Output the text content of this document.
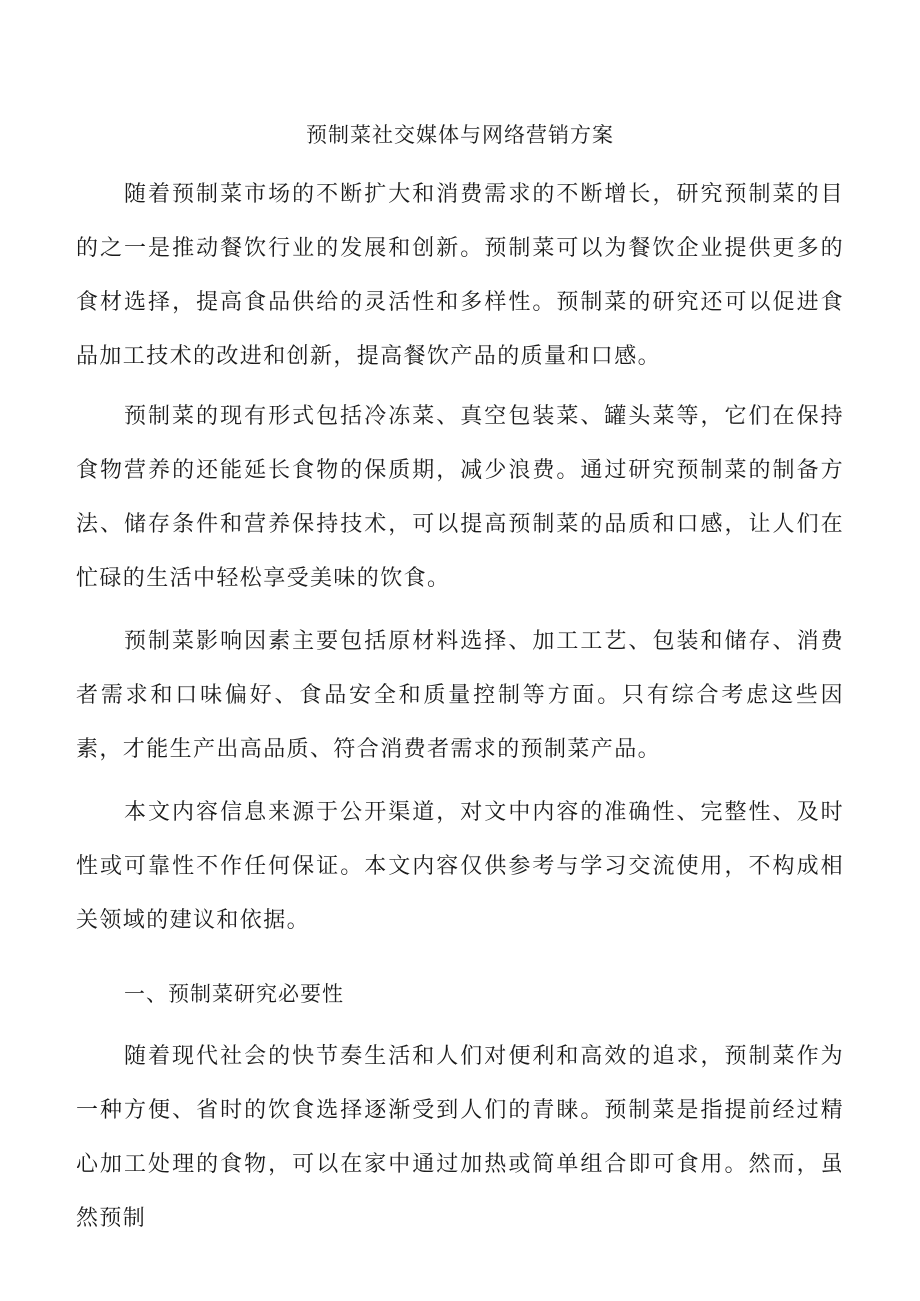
预制菜社交媒体与网络营销方案

随着预制菜市场的不断扩大和消费需求的不断增长，研究预制菜的目的之一是推动餐饮行业的发展和创新。预制菜可以为餐饮企业提供更多的食材选择，提高食品供给的灵活性和多样性。预制菜的研究还可以促进食品加工技术的改进和创新，提高餐饮产品的质量和口感。

预制菜的现有形式包括冷冻菜、真空包装菜、罐头菜等，它们在保持食物营养的还能延长食物的保质期，减少浪费。通过研究预制菜的制备方法、储存条件和营养保持技术，可以提高预制菜的品质和口感，让人们在忙碌的生活中轻松享受美味的饮食。

预制菜影响因素主要包括原材料选择、加工工艺、包装和储存、消费者需求和口味偏好、食品安全和质量控制等方面。只有综合考虑这些因素，才能生产出高品质、符合消费者需求的预制菜产品。

本文内容信息来源于公开渠道，对文中内容的准确性、完整性、及时性或可靠性不作任何保证。本文内容仅供参考与学习交流使用，不构成相关领域的建议和依据。

一、预制菜研究必要性

随着现代社会的快节奏生活和人们对便利和高效的追求，预制菜作为一种方便、省时的饮食选择逐渐受到人们的青睐。预制菜是指提前经过精心加工处理的食物，可以在家中通过加热或简单组合即可食用。然而，虽然预制
